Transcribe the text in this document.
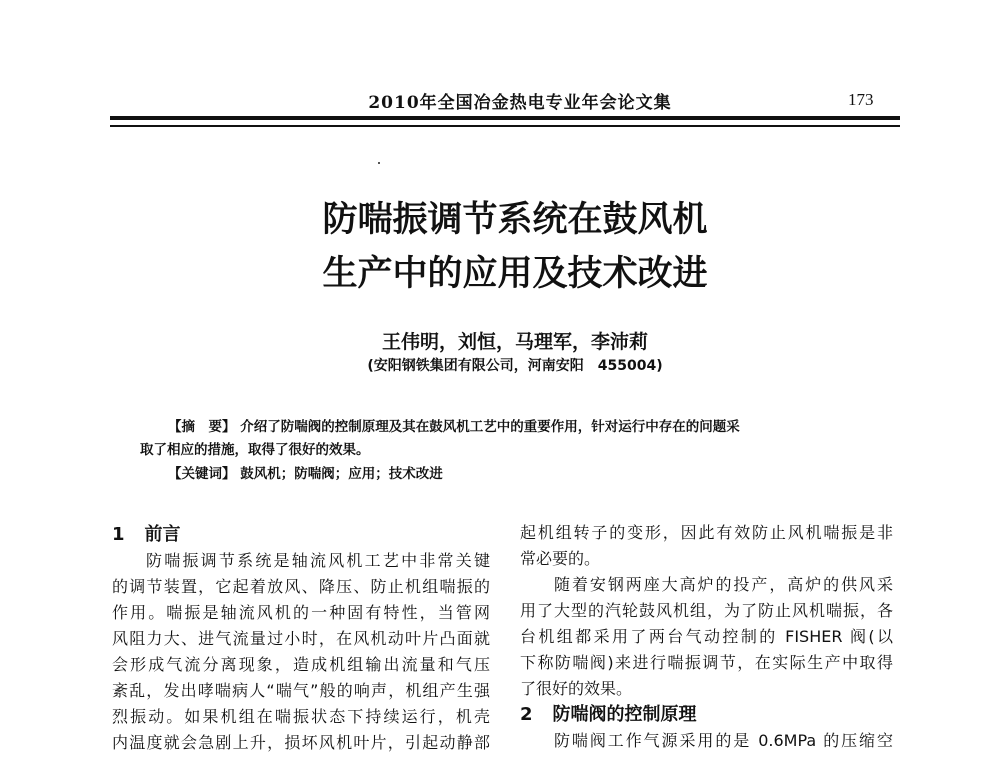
2010年全国冶金热电专业年会论文集	173
防喘振调节系统在鼓风机
生产中的应用及技术改进
王伟明，刘恒，马理军，李沛莉
(安阳钢铁集团有限公司，河南安阳　455004)
【摘　要】 介绍了防喘阀的控制原理及其在鼓风机工艺中的重要作用，针对运行中存在的问题采
取了相应的措施，取得了很好的效果。
【关键词】 鼓风机；防喘阀；应用；技术改进
1 前言
防喘振调节系统是轴流风机工艺中非常关键
的调节装置，它起着放风、降压、防止机组喘振的
作用。喘振是轴流风机的一种固有特性，当管网
风阻力大、进气流量过小时，在风机动叶片凸面就
会形成气流分离现象，造成机组输出流量和气压
紊乱，发出哮喘病人“喘气”般的响声，机组产生强
烈振动。如果机组在喘振状态下持续运行，机壳
内温度就会急剧上升，损坏风机叶片，引起动静部
起机组转子的变形，因此有效防止风机喘振是非
常必要的。
随着安钢两座大高炉的投产，高炉的供风采
用了大型的汽轮鼓风机组，为了防止风机喘振，各
台机组都采用了两台气动控制的 FISHER 阀(以
下称防喘阀)来进行喘振调节，在实际生产中取得
了很好的效果。
2 防喘阀的控制原理
防喘阀工作气源采用的是 0.6MPa 的压缩空
